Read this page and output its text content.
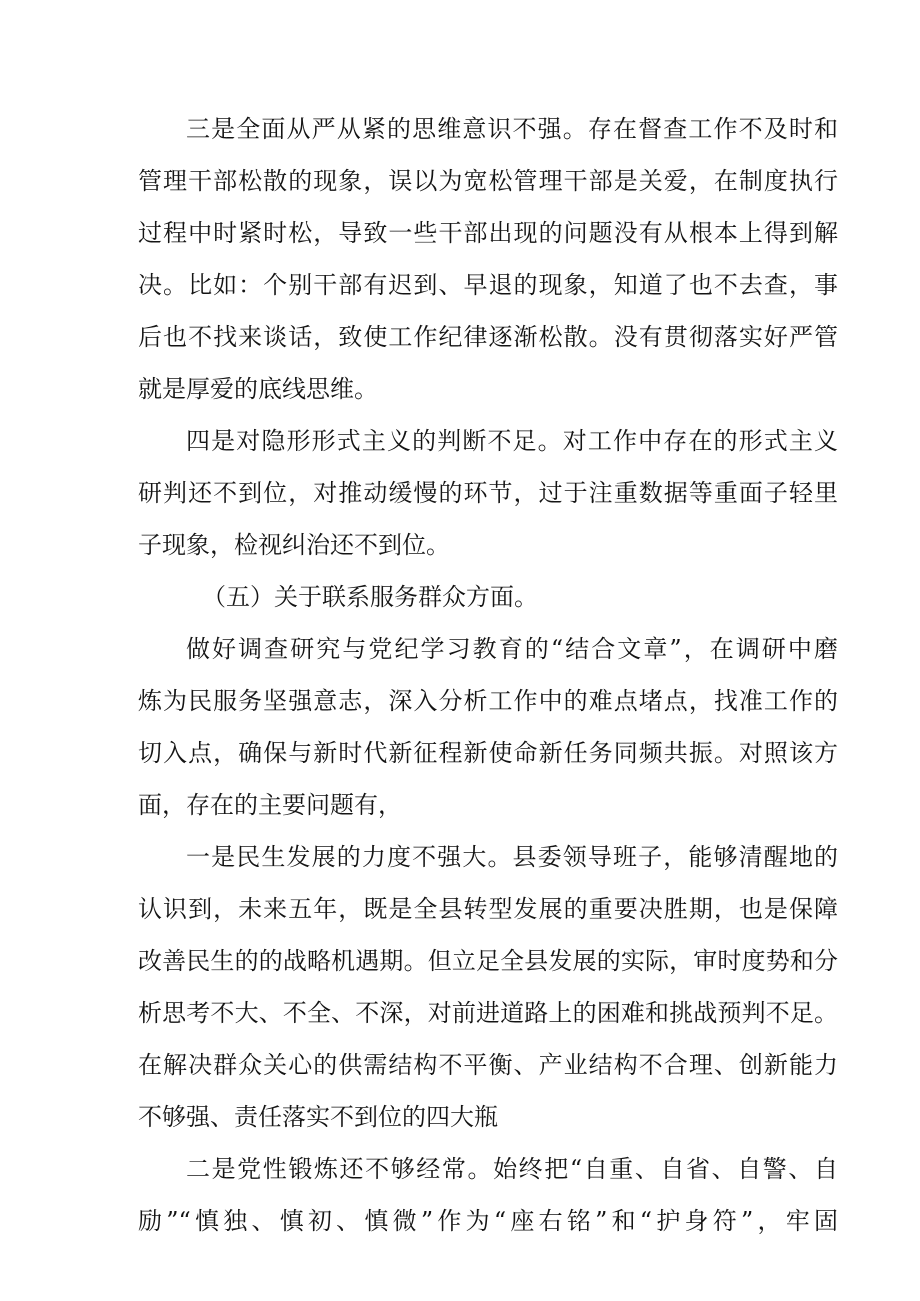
三是全面从严从紧的思维意识不强。存在督查工作不及时和
管理干部松散的现象，误以为宽松管理干部是关爱，在制度执行
过程中时紧时松，导致一些干部出现的问题没有从根本上得到解
决。比如：个别干部有迟到、早退的现象，知道了也不去查，事
后也不找来谈话，致使工作纪律逐渐松散。没有贯彻落实好严管
就是厚爱的底线思维。
四是对隐形形式主义的判断不足。对工作中存在的形式主义
研判还不到位，对推动缓慢的环节，过于注重数据等重面子轻里
子现象，检视纠治还不到位。
（五）关于联系服务群众方面。
做好调查研究与党纪学习教育的“结合文章”，在调研中磨
炼为民服务坚强意志，深入分析工作中的难点堵点，找准工作的
切入点，确保与新时代新征程新使命新任务同频共振。对照该方
面，存在的主要问题有，
一是民生发展的力度不强大。县委领导班子，能够清醒地的
认识到，未来五年，既是全县转型发展的重要决胜期，也是保障
改善民生的的战略机遇期。但立足全县发展的实际，审时度势和分
析思考不大、不全、不深，对前进道路上的困难和挑战预判不足。
在解决群众关心的供需结构不平衡、产业结构不合理、创新能力
不够强、责任落实不到位的四大瓶
二是党性锻炼还不够经常。始终把“自重、自省、自警、自
励”“慎独、慎初、慎微”作为“座右铭”和“护身符”，牢固
